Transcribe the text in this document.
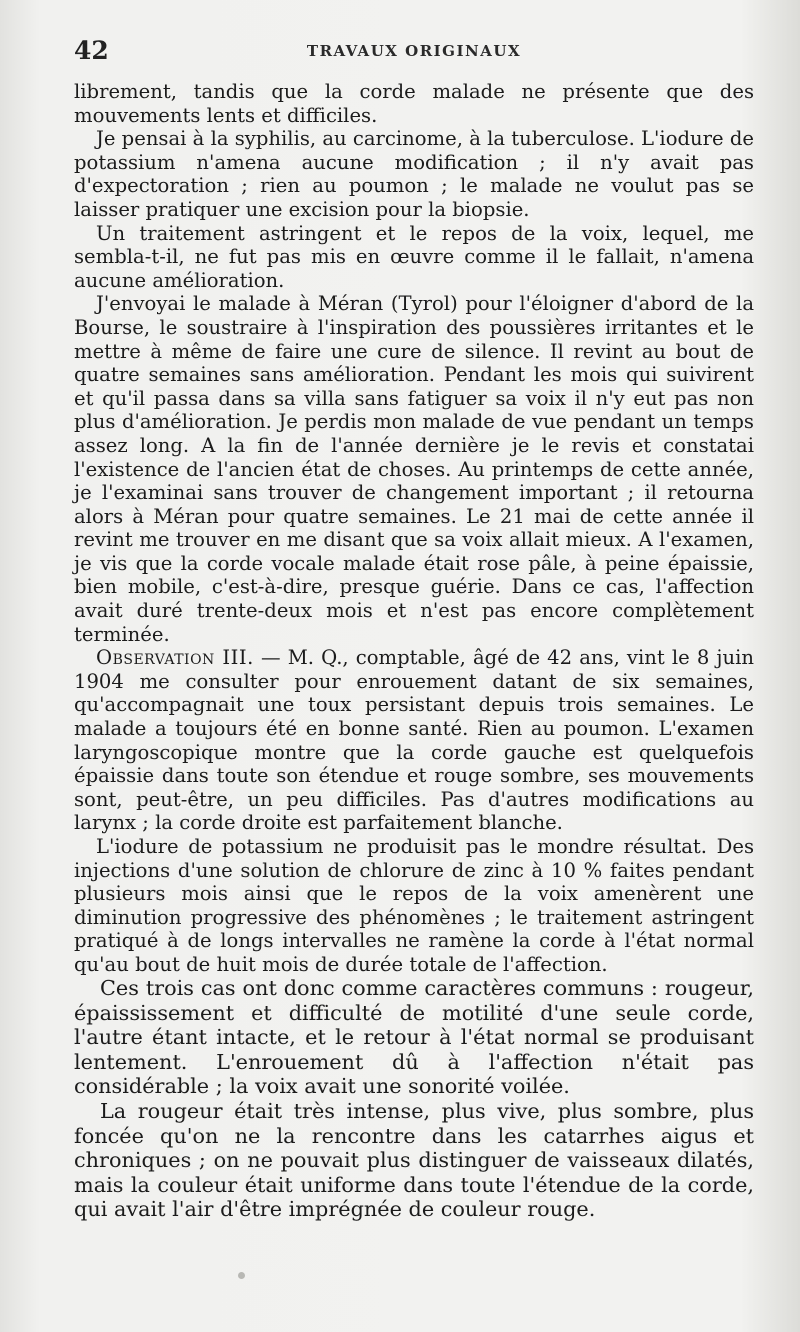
42	TRAVAUX ORIGINAUX

librement, tandis que la corde malade ne présente que des mouvements lents et difficiles.

Je pensai à la syphilis, au carcinome, à la tuberculose. L'iodure de potassium n'amena aucune modification ; il n'y avait pas d'expectoration ; rien au poumon ; le malade ne voulut pas se laisser pratiquer une excision pour la biopsie.

Un traitement astringent et le repos de la voix, lequel, me sembla-t-il, ne fut pas mis en œuvre comme il le fallait, n'amena aucune amélioration.

J'envoyai le malade à Méran (Tyrol) pour l'éloigner d'abord de la Bourse, le soustraire à l'inspiration des poussières irritantes et le mettre à même de faire une cure de silence. Il revint au bout de quatre semaines sans amélioration. Pendant les mois qui suivirent et qu'il passa dans sa villa sans fatiguer sa voix il n'y eut pas non plus d'amélioration. Je perdis mon malade de vue pendant un temps assez long. A la fin de l'année dernière je le revis et constatai l'existence de l'ancien état de choses. Au printemps de cette année, je l'examinai sans trouver de changement important ; il retourna alors à Méran pour quatre semaines. Le 21 mai de cette année il revint me trouver en me disant que sa voix allait mieux. A l'examen, je vis que la corde vocale malade était rose pâle, à peine épaissie, bien mobile, c'est-à-dire, presque guérie. Dans ce cas, l'affection avait duré trente-deux mois et n'est pas encore complètement terminée.

Observation III. — M. Q., comptable, âgé de 42 ans, vint le 8 juin 1904 me consulter pour enrouement datant de six semaines, qu'accompagnait une toux persistant depuis trois semaines. Le malade a toujours été en bonne santé. Rien au poumon. L'examen laryngoscopique montre que la corde gauche est quelquefois épaissie dans toute son étendue et rouge sombre, ses mouvements sont, peut-être, un peu difficiles. Pas d'autres modifications au larynx ; la corde droite est parfaitement blanche.

L'iodure de potassium ne produisit pas le mondre résultat. Des injections d'une solution de chlorure de zinc à 10 % faites pendant plusieurs mois ainsi que le repos de la voix amenèrent une diminution progressive des phénomènes ; le traitement astringent pratiqué à de longs intervalles ne ramène la corde à l'état normal qu'au bout de huit mois de durée totale de l'affection.

Ces trois cas ont donc comme caractères communs : rougeur, épaississement et difficulté de motilité d'une seule corde, l'autre étant intacte, et le retour à l'état normal se produisant lentement. L'enrouement dû à l'affection n'était pas considérable ; la voix avait une sonorité voilée.

La rougeur était très intense, plus vive, plus sombre, plus foncée qu'on ne la rencontre dans les catarrhes aigus et chroniques ; on ne pouvait plus distinguer de vaisseaux dilatés, mais la couleur était uniforme dans toute l'étendue de la corde, qui avait l'air d'être imprégnée de couleur rouge.
